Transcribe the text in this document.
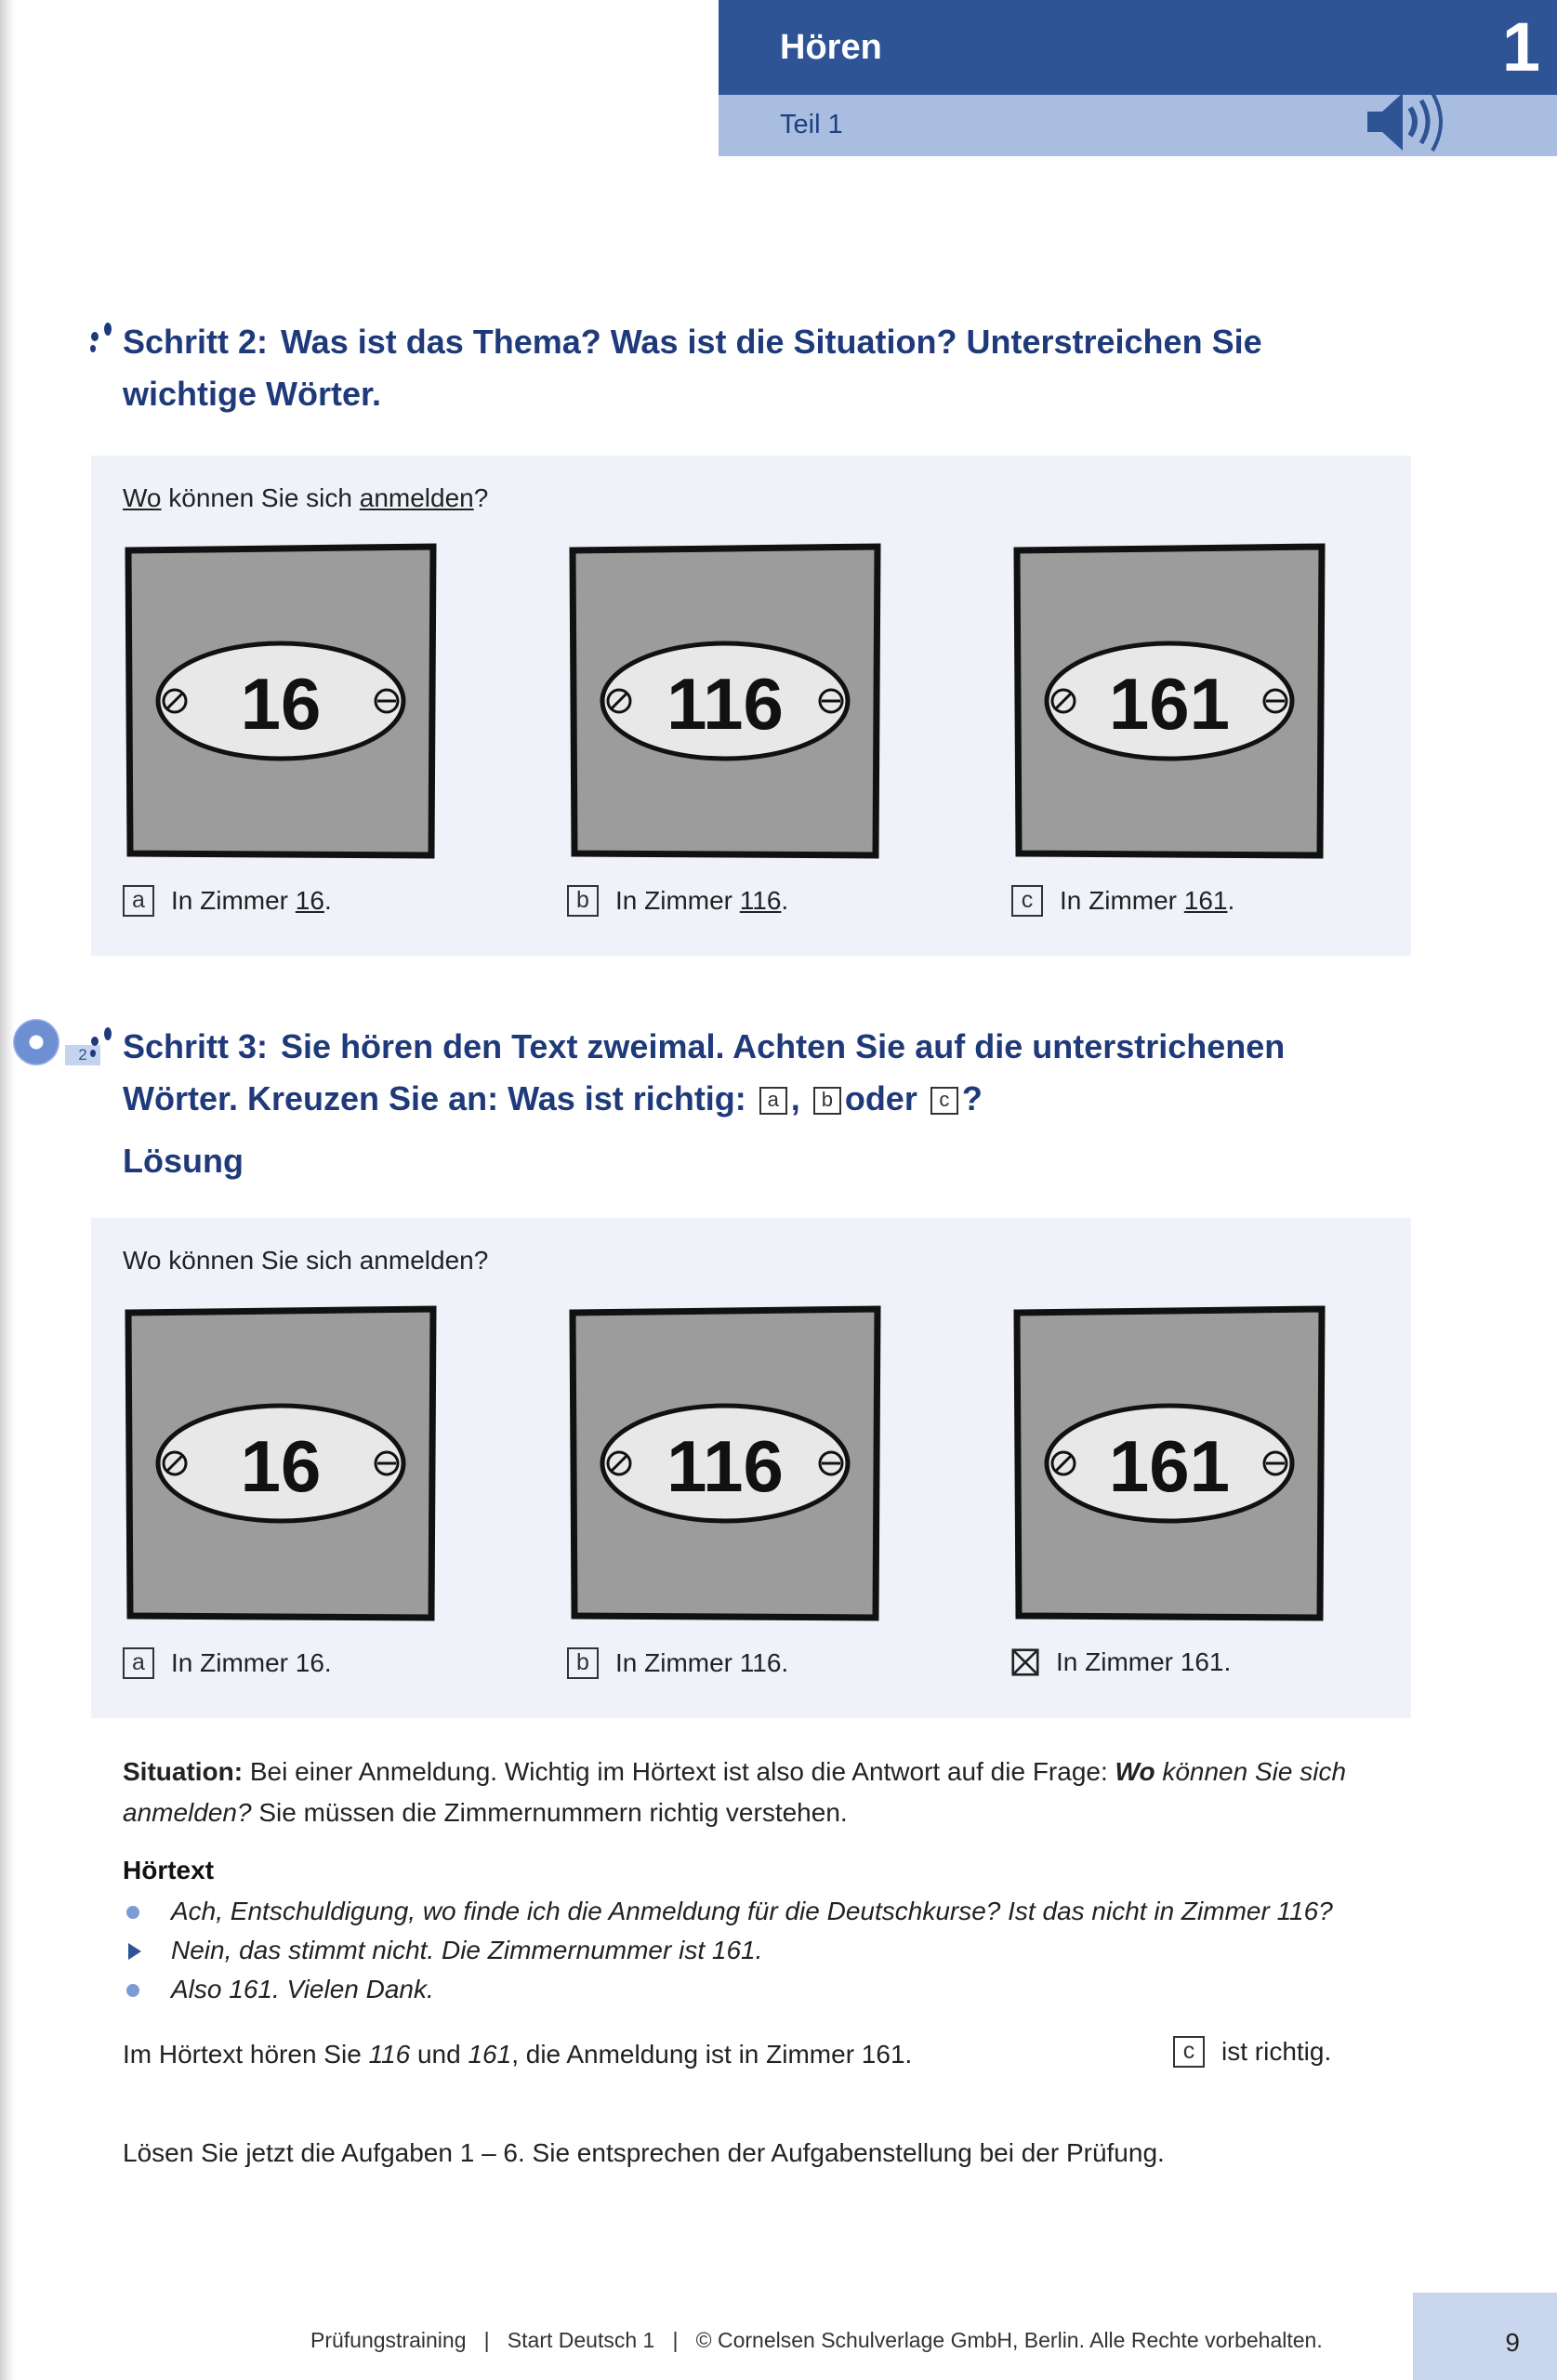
Hören
Teil 1
1
Schritt 2: Was ist das Thema? Was ist die Situation? Unterstreichen Sie wichtige Wörter.
Wo können Sie sich anmelden?
16	116	161
a	In Zimmer
16 .	b	In Zimmer
116 .	c	In Zimmer
161 .
2	Schritt 3: Sie hören den Text zweimal. Achten Sie auf die unterstrichenen Wörter. Kreuzen Sie an: Was ist richtig: a , b oder c ?
Lösung
Wo können Sie sich anmelden?
16	116	161
a	In Zimmer 16.	b	In Zimmer 116.	In Zimmer 161.
Situation: Bei einer Anmeldung. Wichtig im Hörtext ist also die Antwort auf die Frage: Wo können Sie sich anmelden? Sie müssen die Zimmernummern richtig verstehen.
Hörtext
Ach, Entschuldigung, wo finde ich die Anmeldung für die Deutschkurse? Ist das nicht in Zimmer 116?
Nein, das stimmt nicht. Die Zimmernummer ist 161.
Also 161. Vielen Dank.
Im Hörtext hören Sie 116 und 161, die Anmeldung ist in Zimmer 161.	c	ist richtig.
Lösen Sie jetzt die Aufgaben 1 – 6. Sie entsprechen der Aufgabenstellung bei der Prüfung.
Prüfungstraining   |   Start Deutsch 1   |   © Cornelsen Schulverlage GmbH, Berlin. Alle Rechte vorbehalten.	9
